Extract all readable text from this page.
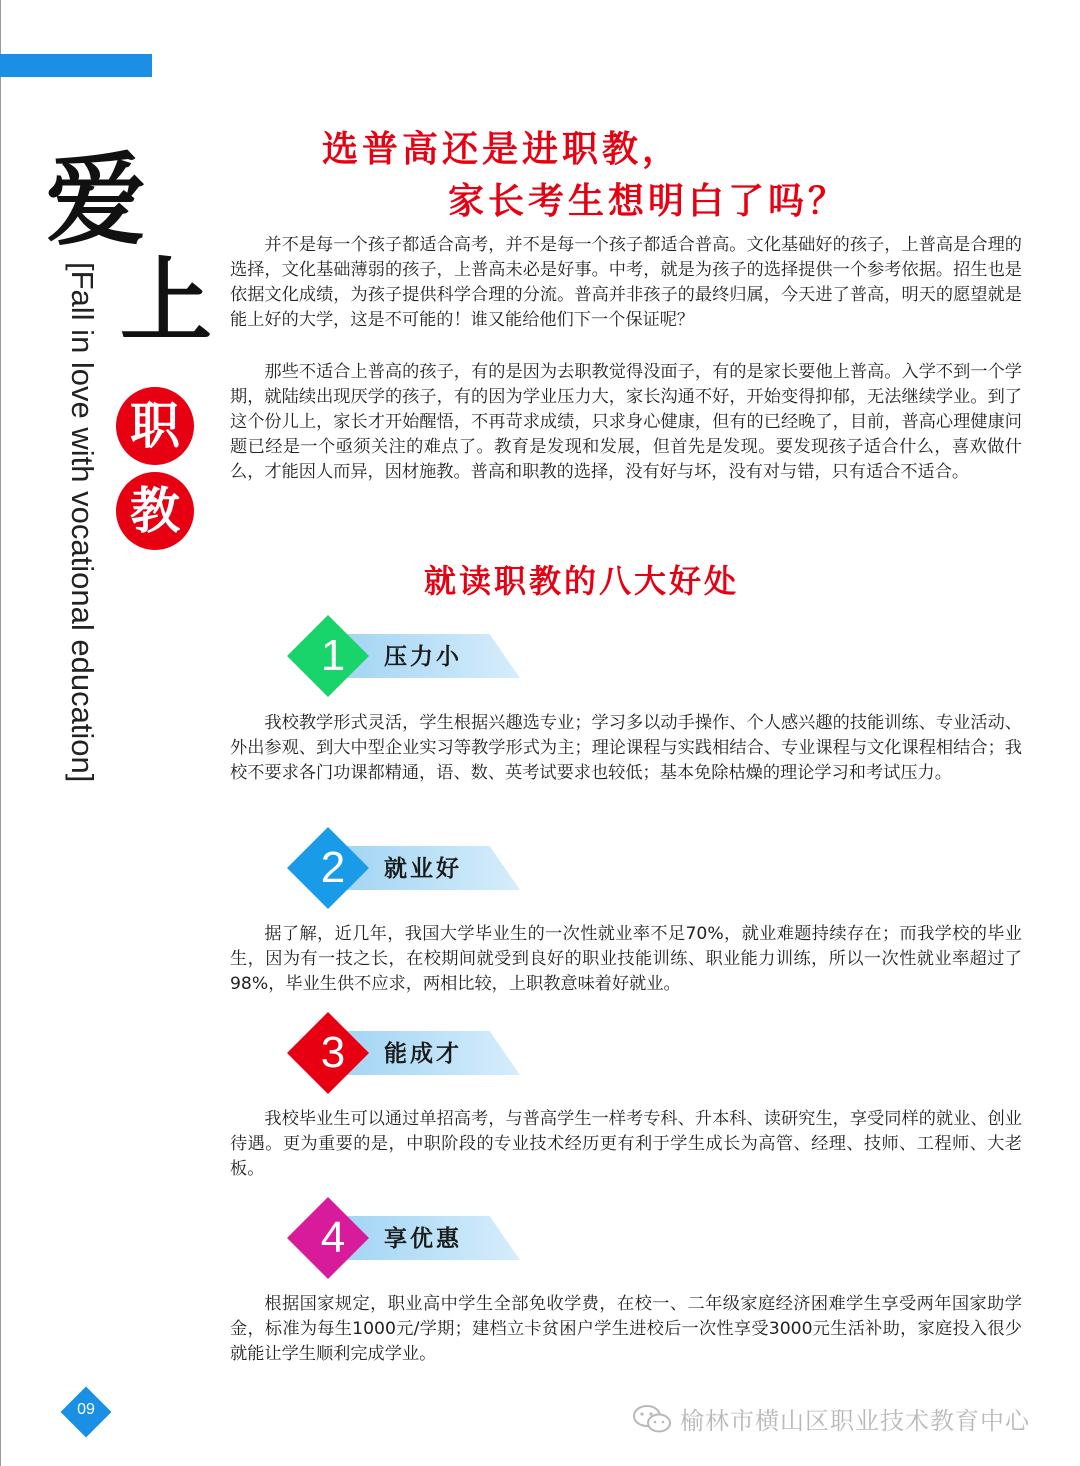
爱
上
职
教
[Fall in love with vocational education]
选普高还是进职教，
家长考生想明白了吗？

并不是每一个孩子都适合高考，并不是每一个孩子都适合普高。文化基础好的孩子，上普高是合理的选择，文化基础薄弱的孩子，上普高未必是好事。中考，就是为孩子的选择提供一个参考依据。招生也是依据文化成绩，为孩子提供科学合理的分流。普高并非孩子的最终归属，今天进了普高，明天的愿望就是能上好的大学，这是不可能的！谁又能给他们下一个保证呢？

那些不适合上普高的孩子，有的是因为去职教觉得没面子，有的是家长要他上普高。入学不到一个学期，就陆续出现厌学的孩子，有的因为学业压力大，家长沟通不好，开始变得抑郁，无法继续学业。到了这个份儿上，家长才开始醒悟，不再苛求成绩，只求身心健康，但有的已经晚了，目前，普高心理健康问题已经是一个亟须关注的难点了。教育是发现和发展，但首先是发现。要发现孩子适合什么，喜欢做什么，才能因人而异，因材施教。普高和职教的选择，没有好与坏，没有对与错，只有适合不适合。

就读职教的八大好处
1	压力小

我校教学形式灵活，学生根据兴趣选专业；学习多以动手操作、个人感兴趣的技能训练、专业活动、外出参观、到大中型企业实习等教学形式为主；理论课程与实践相结合、专业课程与文化课程相结合；我校不要求各门功课都精通，语、数、英考试要求也较低；基本免除枯燥的理论学习和考试压力。

2	就业好

据了解，近几年，我国大学毕业生的一次性就业率不足70%，就业难题持续存在；而我学校的毕业生，因为有一技之长，在校期间就受到良好的职业技能训练、职业能力训练，所以一次性就业率超过了98%，毕业生供不应求，两相比较，上职教意味着好就业。

3	能成才

我校毕业生可以通过单招高考，与普高学生一样考专科、升本科、读研究生，享受同样的就业、创业待遇。更为重要的是，中职阶段的专业技术经历更有利于学生成长为高管、经理、技师、工程师、大老板。

4	享优惠

根据国家规定，职业高中学生全部免收学费，在校一、二年级家庭经济困难学生享受两年国家助学金，标准为每生1000元/学期；建档立卡贫困户学生进校后一次性享受3000元生活补助，家庭投入很少就能让学生顺利完成学业。

09	榆林市横山区职业技术教育中心
